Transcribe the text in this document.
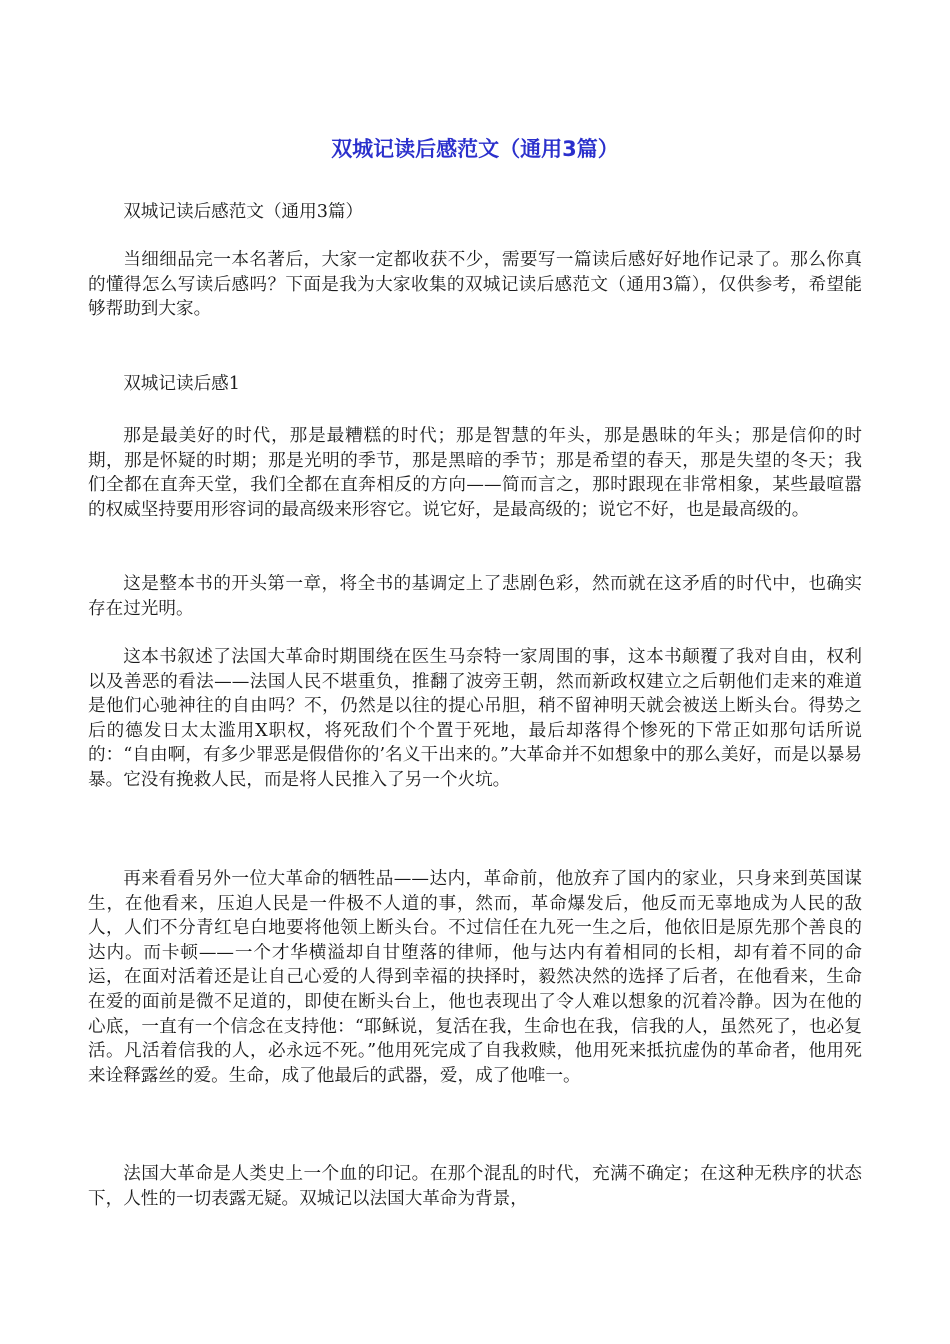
双城记读后感范文（通用3篇）

双城记读后感范文（通用3篇）

当细细品完一本名著后，大家一定都收获不少，需要写一篇读后感好好地作记录了。那么你真的懂得怎么写读后感吗？下面是我为大家收集的双城记读后感范文（通用3篇），仅供参考，希望能够帮助到大家。

双城记读后感1

那是最美好的时代，那是最糟糕的时代；那是智慧的年头，那是愚昧的年头；那是信仰的时期，那是怀疑的时期；那是光明的季节，那是黑暗的季节；那是希望的春天，那是失望的冬天；我们全都在直奔天堂，我们全都在直奔相反的方向——简而言之，那时跟现在非常相象，某些最喧嚣的权威坚持要用形容词的最高级来形容它。说它好，是最高级的；说它不好，也是最高级的。

这是整本书的开头第一章，将全书的基调定上了悲剧色彩，然而就在这矛盾的时代中，也确实存在过光明。

这本书叙述了法国大革命时期围绕在医生马奈特一家周围的事，这本书颠覆了我对自由，权利以及善恶的看法——法国人民不堪重负，推翻了波旁王朝，然而新政权建立之后朝他们走来的难道是他们心驰神往的自由吗？不，仍然是以往的提心吊胆，稍不留神明天就会被送上断头台。得势之后的德发日太太滥用X职权，将死敌们个个置于死地，最后却落得个惨死的下常正如那句话所说的：“自由啊，有多少罪恶是假借你的’名义干出来的。”大革命并不如想象中的那么美好，而是以暴易暴。它没有挽救人民，而是将人民推入了另一个火坑。

再来看看另外一位大革命的牺牲品——达内，革命前，他放弃了国内的家业，只身来到英国谋生，在他看来，压迫人民是一件极不人道的事，然而，革命爆发后，他反而无辜地成为人民的敌人，人们不分青红皂白地要将他领上断头台。不过信任在九死一生之后，他依旧是原先那个善良的达内。而卡顿——一个才华横溢却自甘堕落的律师，他与达内有着相同的长相，却有着不同的命运，在面对活着还是让自己心爱的人得到幸福的抉择时，毅然决然的选择了后者，在他看来，生命在爱的面前是微不足道的，即使在断头台上，他也表现出了令人难以想象的沉着冷静。因为在他的心底，一直有一个信念在支持他：“耶稣说，复活在我，生命也在我，信我的人，虽然死了，也必复活。凡活着信我的人，必永远不死。”他用死完成了自我救赎，他用死来抵抗虚伪的革命者，他用死来诠释露丝的爱。生命，成了他最后的武器，爱，成了他唯一。

法国大革命是人类史上一个血的印记。在那个混乱的时代，充满不确定；在这种无秩序的状态下，人性的一切表露无疑。双城记以法国大革命为背景，
